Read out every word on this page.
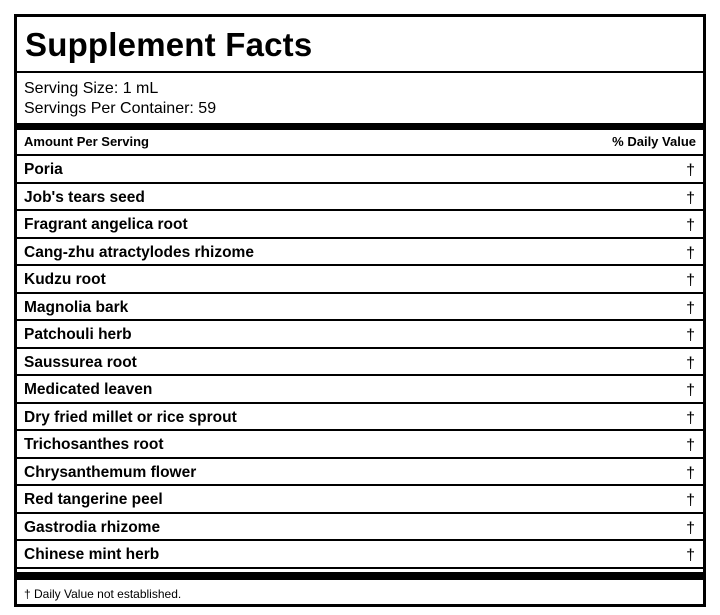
Supplement Facts
Serving Size: 1 mL
Servings Per Container: 59
Amount Per Serving	% Daily Value
Poria	†
Job's tears seed	†
Fragrant angelica root	†
Cang-zhu atractylodes rhizome	†
Kudzu root	†
Magnolia bark	†
Patchouli herb	†
Saussurea root	†
Medicated leaven	†
Dry fried millet or rice sprout	†
Trichosanthes root	†
Chrysanthemum flower	†
Red tangerine peel	†
Gastrodia rhizome	†
Chinese mint herb	†
† Daily Value not established.
